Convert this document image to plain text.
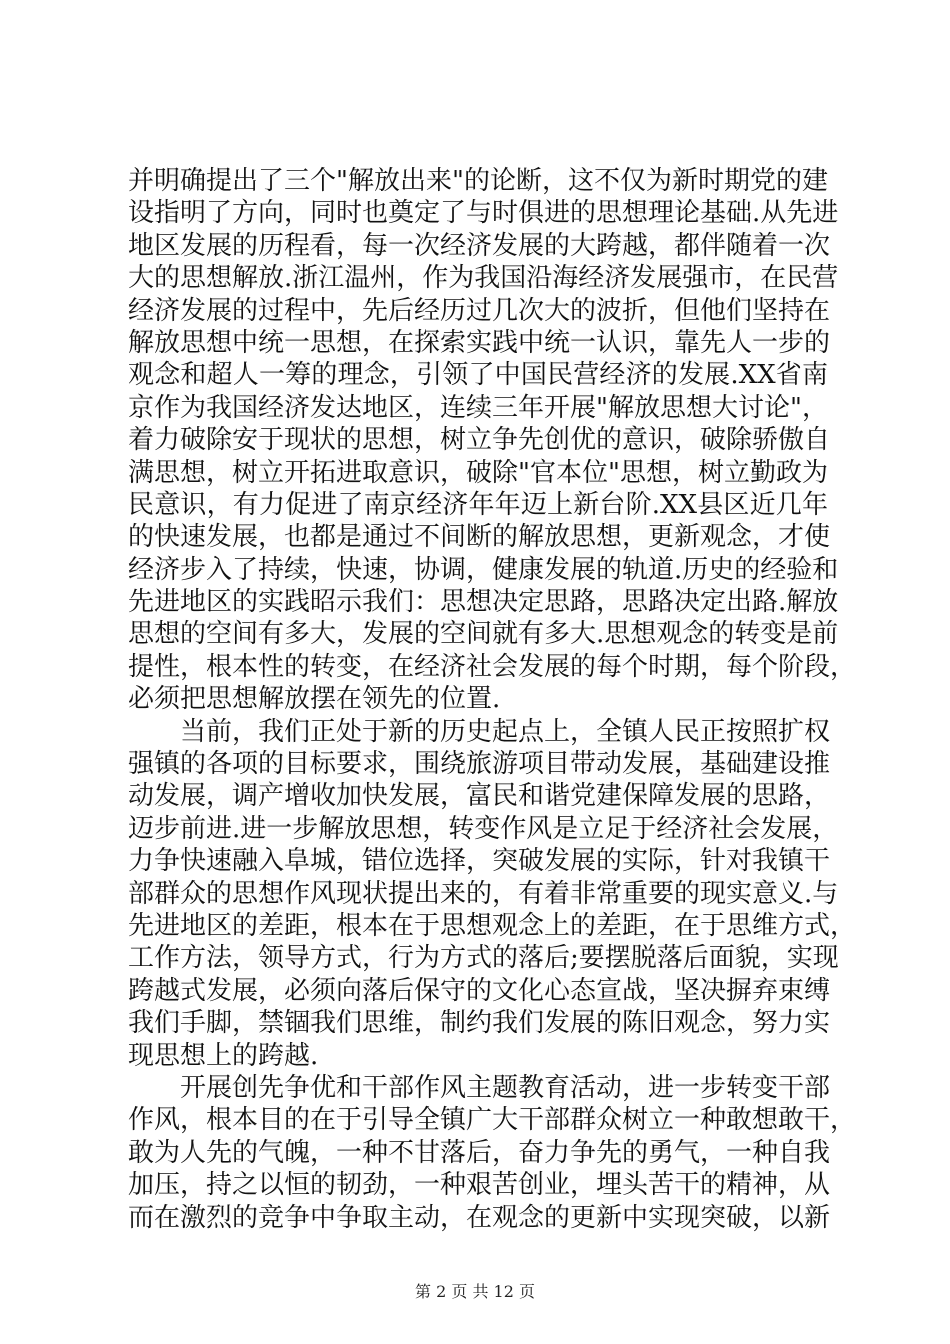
并明确提出了三个"解放出来"的论断，这不仅为新时期党的建
设指明了方向，同时也奠定了与时俱进的思想理论基础.从先进
地区发展的历程看，每一次经济发展的大跨越，都伴随着一次
大的思想解放.浙江温州，作为我国沿海经济发展强市，在民营
经济发展的过程中，先后经历过几次大的波折，但他们坚持在
解放思想中统一思想，在探索实践中统一认识，靠先人一步的
观念和超人一筹的理念，引领了中国民营经济的发展.XX省南
京作为我国经济发达地区，连续三年开展"解放思想大讨论"，
着力破除安于现状的思想，树立争先创优的意识，破除骄傲自
满思想，树立开拓进取意识，破除"官本位"思想，树立勤政为
民意识，有力促进了南京经济年年迈上新台阶.XX县区近几年
的快速发展，也都是通过不间断的解放思想，更新观念，才使
经济步入了持续，快速，协调，健康发展的轨道.历史的经验和
先进地区的实践昭示我们：思想决定思路，思路决定出路.解放
思想的空间有多大，发展的空间就有多大.思想观念的转变是前
提性，根本性的转变，在经济社会发展的每个时期，每个阶段，
必须把思想解放摆在领先的位置.
当前，我们正处于新的历史起点上，全镇人民正按照扩权
强镇的各项的目标要求，围绕旅游项目带动发展，基础建设推
动发展，调产增收加快发展，富民和谐党建保障发展的思路，
迈步前进.进一步解放思想，转变作风是立足于经济社会发展，
力争快速融入阜城，错位选择，突破发展的实际，针对我镇干
部群众的思想作风现状提出来的，有着非常重要的现实意义.与
先进地区的差距，根本在于思想观念上的差距，在于思维方式，
工作方法，领导方式，行为方式的落后;要摆脱落后面貌，实现
跨越式发展，必须向落后保守的文化心态宣战，坚决摒弃束缚
我们手脚，禁锢我们思维，制约我们发展的陈旧观念，努力实
现思想上的跨越.
开展创先争优和干部作风主题教育活动，进一步转变干部
作风，根本目的在于引导全镇广大干部群众树立一种敢想敢干，
敢为人先的气魄，一种不甘落后，奋力争先的勇气，一种自我
加压，持之以恒的韧劲，一种艰苦创业，埋头苦干的精神，从
而在激烈的竞争中争取主动，在观念的更新中实现突破，以新
第 2 页 共 12 页
